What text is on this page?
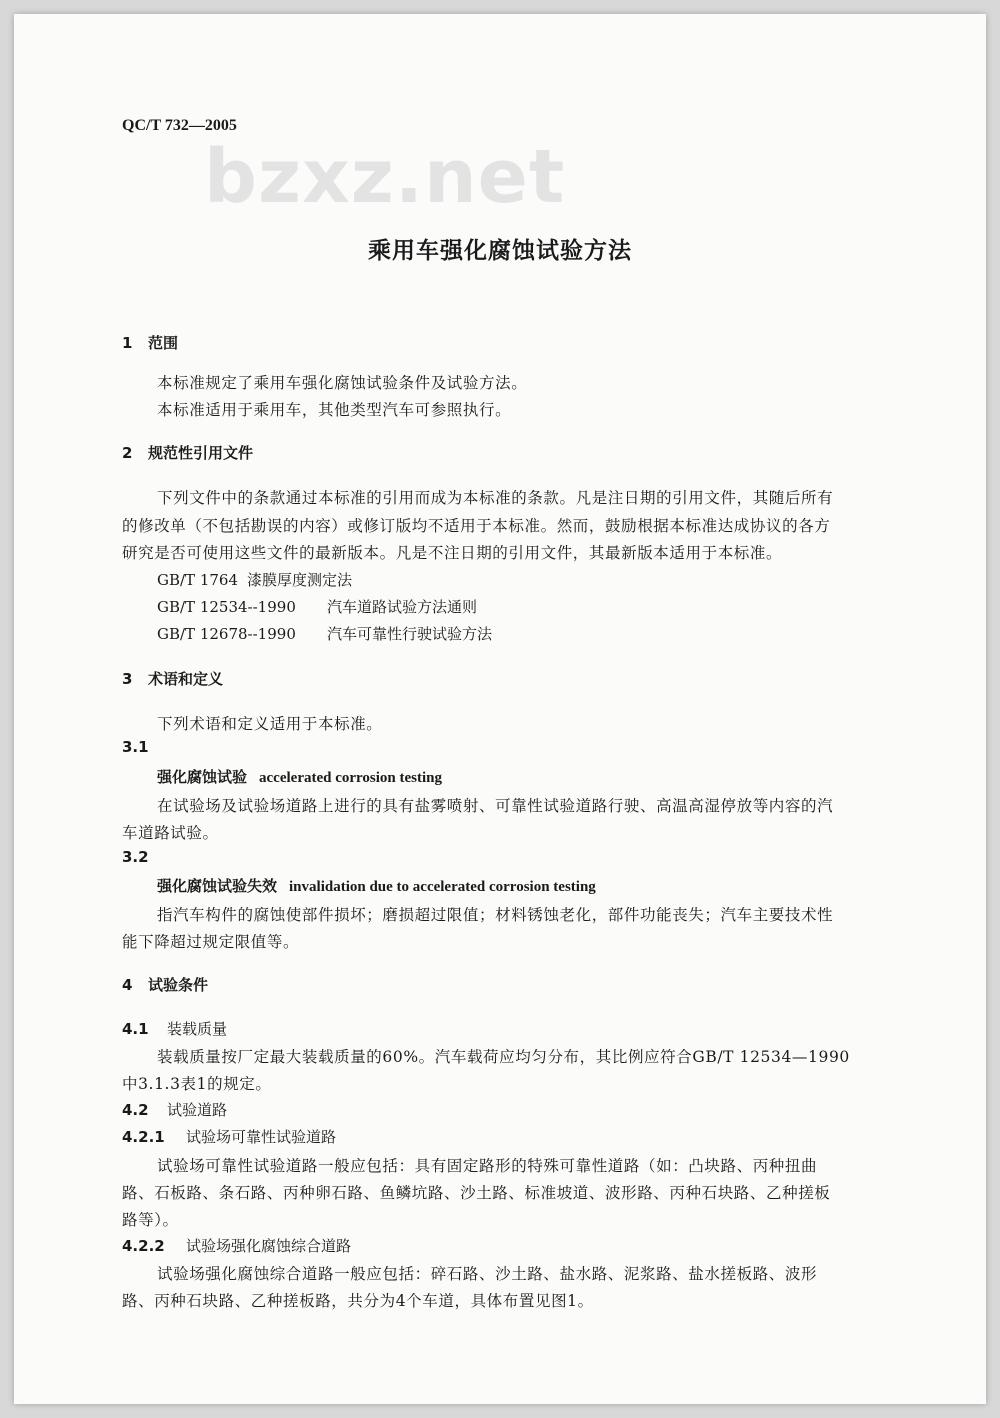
QC/T 732—2005
bzxz.net
乘用车强化腐蚀试验方法
1 范围
本标准规定了乘用车强化腐蚀试验条件及试验方法。
本标准适用于乘用车，其他类型汽车可参照执行。
2 规范性引用文件
下列文件中的条款通过本标准的引用而成为本标准的条款。凡是注日期的引用文件，其随后所有
的修改单（不包括勘误的内容）或修订版均不适用于本标准。然而，鼓励根据本标准达成协议的各方
研究是否可使用这些文件的最新版本。凡是不注日期的引用文件，其最新版本适用于本标准。
GB/T 1764 漆膜厚度测定法
GB/T 12534--1990 汽车道路试验方法通则
GB/T 12678--1990 汽车可靠性行驶试验方法
3 术语和定义
下列术语和定义适用于本标准。
3.1
强化腐蚀试验 accelerated corrosion testing
在试验场及试验场道路上进行的具有盐雾喷射、可靠性试验道路行驶、高温高湿停放等内容的汽
车道路试验。
3.2
强化腐蚀试验失效 invalidation due to accelerated corrosion testing
指汽车构件的腐蚀使部件损坏；磨损超过限值；材料锈蚀老化，部件功能丧失；汽车主要技术性
能下降超过规定限值等。
4 试验条件
4.1 装载质量
装载质量按厂定最大装载质量的60%。汽车载荷应均匀分布，其比例应符合GB/T 12534—1990
中3.1.3表1的规定。
4.2 试验道路
4.2.1 试验场可靠性试验道路
试验场可靠性试验道路一般应包括：具有固定路形的特殊可靠性道路（如：凸块路、丙种扭曲
路、石板路、条石路、丙种卵石路、鱼鳞坑路、沙土路、标准坡道、波形路、丙种石块路、乙种搓板
路等）。
4.2.2 试验场强化腐蚀综合道路
试验场强化腐蚀综合道路一般应包括：碎石路、沙土路、盐水路、泥浆路、盐水搓板路、波形
路、丙种石块路、乙种搓板路，共分为4个车道，具体布置见图1。
